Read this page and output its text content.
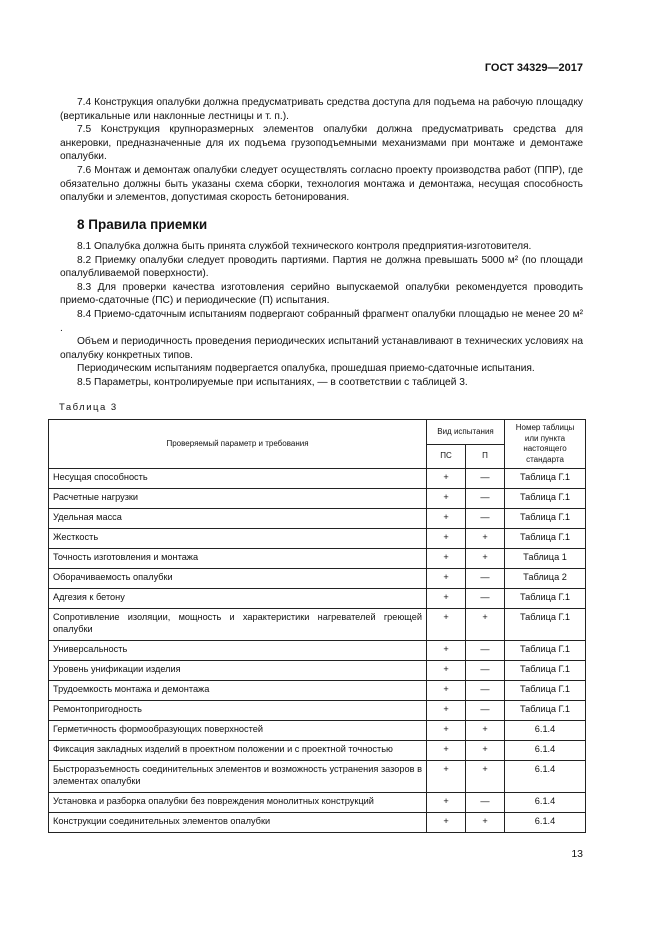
ГОСТ 34329—2017

7.4 Конструкция опалубки должна предусматривать средства доступа для подъема на рабочую площадку (вертикальные или наклонные лестницы и т. п.).

7.5 Конструкция крупноразмерных элементов опалубки должна предусматривать средства для анкеровки, предназначенные для их подъема грузоподъемными механизмами при монтаже и демонтаже опалубки.

7.6 Монтаж и демонтаж опалубки следует осуществлять согласно проекту производства работ (ППР), где обязательно должны быть указаны схема сборки, технология монтажа и демонтажа, несущая способность опалубки и элементов, допустимая скорость бетонирования.

8 Правила приемки

8.1 Опалубка должна быть принята службой технического контроля предприятия-изготовителя.

8.2 Приемку опалубки следует проводить партиями. Партия не должна превышать 5000 м² (по площади опалубливаемой поверхности).

8.3 Для проверки качества изготовления серийно выпускаемой опалубки рекомендуется проводить приемо-сдаточные (ПС) и периодические (П) испытания.

8.4 Приемо-сдаточным испытаниям подвергают собранный фрагмент опалубки площадью не менее 20 м² .

Объем и периодичность проведения периодических испытаний устанавливают в технических условиях на опалубку конкретных типов.

Периодическим испытаниям подвергается опалубка, прошедшая приемо-сдаточные испытания.

8.5 Параметры, контролируемые при испытаниях, — в соответствии с таблицей 3.

Таблица 3
Проверяемый параметр и требования	Вид испытания		Номер таблицы или пункта настоящего стандарта
	ПС	П	
Несущая способность	+	—	Таблица Г.1
Расчетные нагрузки	+	—	Таблица Г.1
Удельная масса	+	—	Таблица Г.1
Жесткость	+	+	Таблица Г.1
Точность изготовления и монтажа	+	+	Таблица 1
Оборачиваемость опалубки	+	—	Таблица 2
Адгезия к бетону	+	—	Таблица Г.1
Сопротивление изоляции, мощность и характеристики нагревателей греющей опалубки	+	+	Таблица Г.1
Универсальность	+	—	Таблица Г.1
Уровень унификации изделия	+	—	Таблица Г.1
Трудоемкость монтажа и демонтажа	+	—	Таблица Г.1
Ремонтопригодность	+	—	Таблица Г.1
Герметичность формообразующих поверхностей	+	+	6.1.4
Фиксация закладных изделий в проектном положении и с проектной точностью	+	+	6.1.4
Быстроразъемность соединительных элементов и возможность устранения зазоров в элементах опалубки	+	+	6.1.4
Установка и разборка опалубки без повреждения монолитных конструкций	+	—	6.1.4
Конструкции соединительных элементов опалубки	+	+	6.1.4
13
